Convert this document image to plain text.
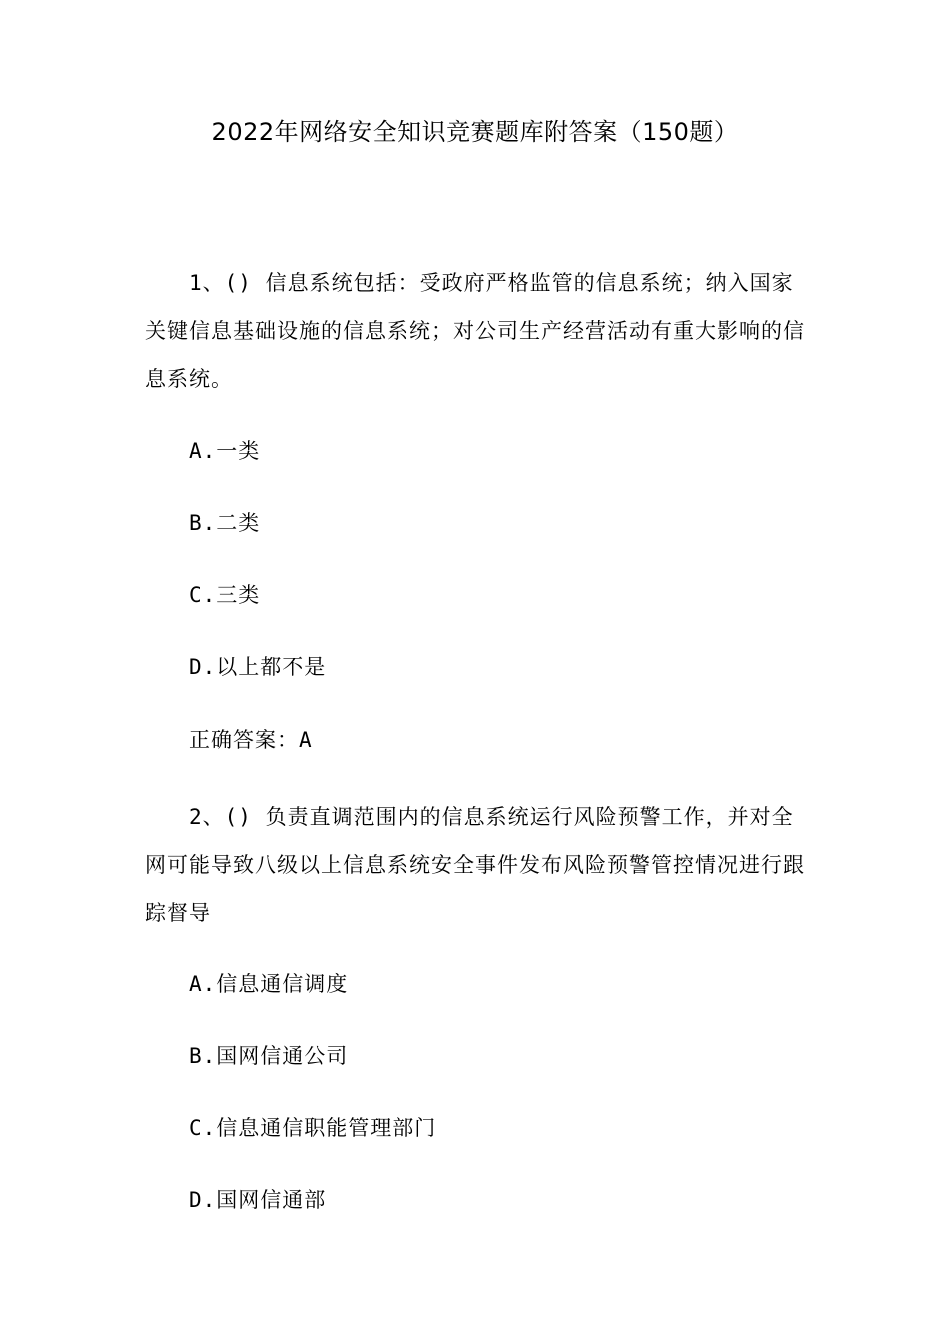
2022年网络安全知识竞赛题库附答案（150题）

1、() 信息系统包括：受政府严格监管的信息系统；纳入国家关键信息基础设施的信息系统；对公司生产经营活动有重大影响的信息系统。

A.一类

B.二类

C.三类

D.以上都不是

正确答案：A

2、() 负责直调范围内的信息系统运行风险预警工作，并对全网可能导致八级以上信息系统安全事件发布风险预警管控情况进行跟踪督导

A.信息通信调度

B.国网信通公司

C.信息通信职能管理部门

D.国网信通部
